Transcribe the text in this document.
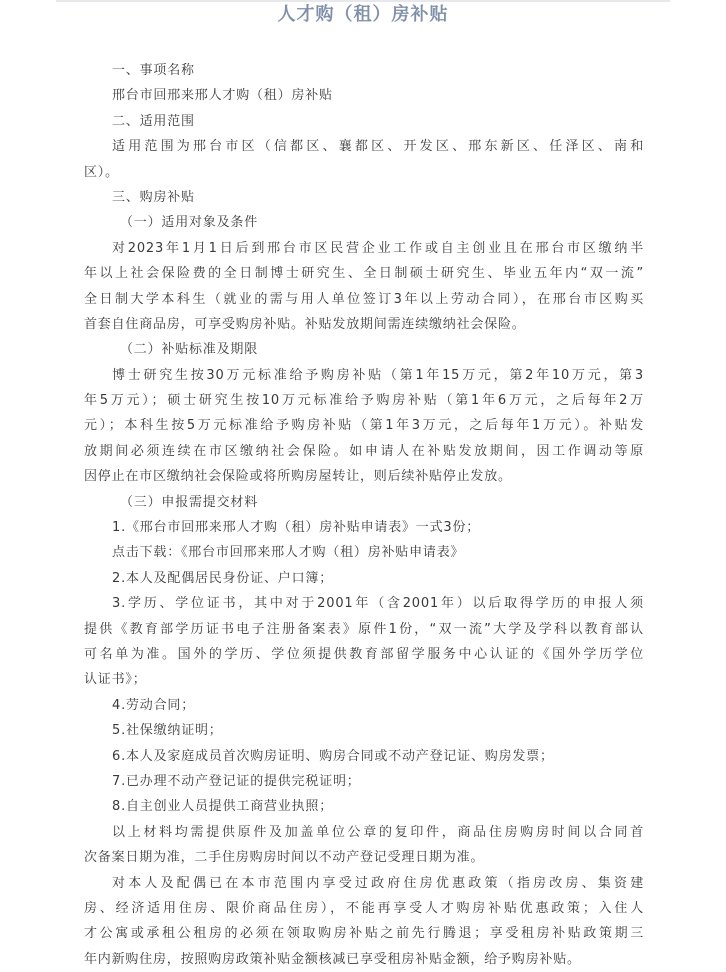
人才购（租）房补贴
一、事项名称
邢台市回邢来邢人才购（租）房补贴
二、适用范围
适用范围为邢台市区（信都区、襄都区、开发区、邢东新区、任泽区、南和
区）。
三、购房补贴
（一）适用对象及条件
对2023年1月1日后到邢台市区民营企业工作或自主创业且在邢台市区缴纳半
年以上社会保险费的全日制博士研究生、全日制硕士研究生、毕业五年内“双一流”
全日制大学本科生（就业的需与用人单位签订3年以上劳动合同），在邢台市区购买
首套自住商品房，可享受购房补贴。补贴发放期间需连续缴纳社会保险。
（二）补贴标准及期限
博士研究生按30万元标准给予购房补贴（第1年15万元，第2年10万元，第3
年5万元）；硕士研究生按10万元标准给予购房补贴（第1年6万元，之后每年2万
元）；本科生按5万元标准给予购房补贴（第1年3万元，之后每年1万元）。补贴发
放期间必须连续在市区缴纳社会保险。如申请人在补贴发放期间，因工作调动等原
因停止在市区缴纳社会保险或将所购房屋转让，则后续补贴停止发放。
（三）申报需提交材料
1.《邢台市回邢来邢人才购（租）房补贴申请表》一式3份；
点击下载：《邢台市回邢来邢人才购（租）房补贴申请表》
2.本人及配偶居民身份证、户口簿；
3.学历、学位证书，其中对于2001年（含2001年）以后取得学历的申报人须
提供《教育部学历证书电子注册备案表》原件1份，“双一流”大学及学科以教育部认
可名单为准。国外的学历、学位须提供教育部留学服务中心认证的《国外学历学位
认证书》；
4.劳动合同；
5.社保缴纳证明；
6.本人及家庭成员首次购房证明、购房合同或不动产登记证、购房发票；
7.已办理不动产登记证的提供完税证明；
8.自主创业人员提供工商营业执照；
以上材料均需提供原件及加盖单位公章的复印件，商品住房购房时间以合同首
次备案日期为准，二手住房购房时间以不动产登记受理日期为准。
对本人及配偶已在本市范围内享受过政府住房优惠政策（指房改房、集资建
房、经济适用住房、限价商品住房），不能再享受人才购房补贴优惠政策；入住人
才公寓或承租公租房的必须在领取购房补贴之前先行腾退；享受租房补贴政策期三
年内新购住房，按照购房政策补贴金额核减已享受租房补贴金额，给予购房补贴。
